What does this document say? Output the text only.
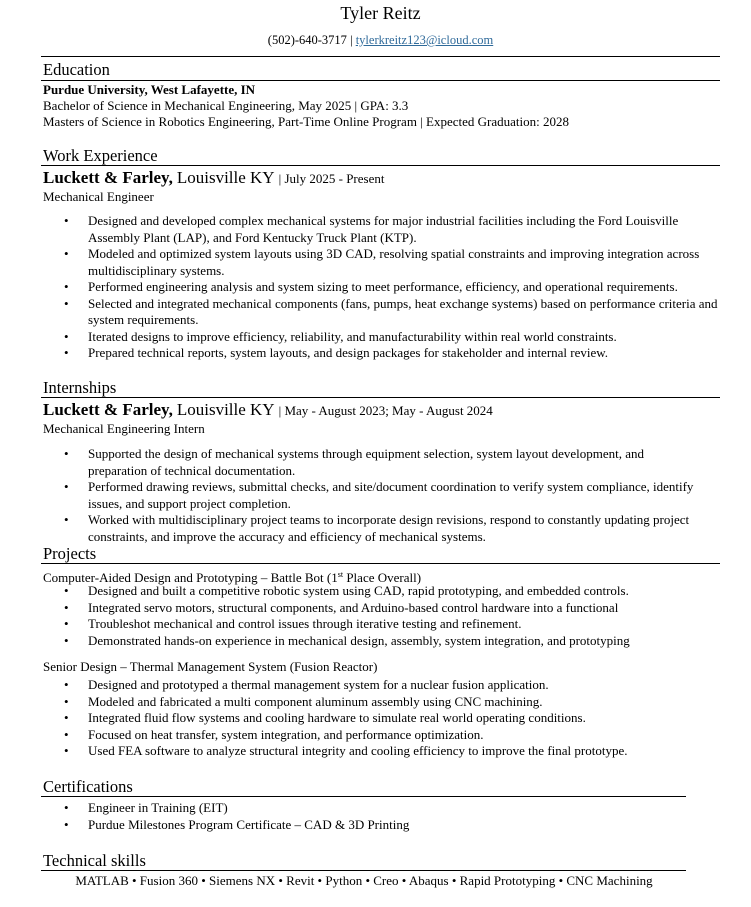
Tyler Reitz
(502)-640-3717 | tylerkreitz123@icloud.com
Education
Purdue University, West Lafayette, IN
Bachelor of Science in Mechanical Engineering, May 2025 | GPA: 3.3
Masters of Science in Robotics Engineering, Part-Time Online Program | Expected Graduation: 2028
Work Experience
Luckett & Farley, Louisville KY | July 2025 - Present
Mechanical Engineer
• Designed and developed complex mechanical systems for major industrial facilities including the Ford Louisville Assembly Plant (LAP), and Ford Kentucky Truck Plant (KTP).
• Modeled and optimized system layouts using 3D CAD, resolving spatial constraints and improving integration across multidisciplinary systems.
• Performed engineering analysis and system sizing to meet performance, efficiency, and operational requirements.
• Selected and integrated mechanical components (fans, pumps, heat exchange systems) based on performance criteria and system requirements.
• Iterated designs to improve efficiency, reliability, and manufacturability within real world constraints.
• Prepared technical reports, system layouts, and design packages for stakeholder and internal review.
Internships
Luckett & Farley, Louisville KY | May - August 2023; May - August 2024
Mechanical Engineering Intern
• Supported the design of mechanical systems through equipment selection, system layout development, and preparation of technical documentation.
• Performed drawing reviews, submittal checks, and site/document coordination to verify system compliance, identify issues, and support project completion.
• Worked with multidisciplinary project teams to incorporate design revisions, respond to constantly updating project constraints, and improve the accuracy and efficiency of mechanical systems.
Projects
Computer-Aided Design and Prototyping – Battle Bot (1st Place Overall)
• Designed and built a competitive robotic system using CAD, rapid prototyping, and embedded controls.
• Integrated servo motors, structural components, and Arduino-based control hardware into a functional
• Troubleshot mechanical and control issues through iterative testing and refinement.
• Demonstrated hands-on experience in mechanical design, assembly, system integration, and prototyping
Senior Design – Thermal Management System (Fusion Reactor)
• Designed and prototyped a thermal management system for a nuclear fusion application.
• Modeled and fabricated a multi component aluminum assembly using CNC machining.
• Integrated fluid flow systems and cooling hardware to simulate real world operating conditions.
• Focused on heat transfer, system integration, and performance optimization.
• Used FEA software to analyze structural integrity and cooling efficiency to improve the final prototype.
Certifications
• Engineer in Training (EIT)
• Purdue Milestones Program Certificate – CAD & 3D Printing
Technical skills
MATLAB • Fusion 360 • Siemens NX • Revit • Python • Creo • Abaqus • Rapid Prototyping • CNC Machining
